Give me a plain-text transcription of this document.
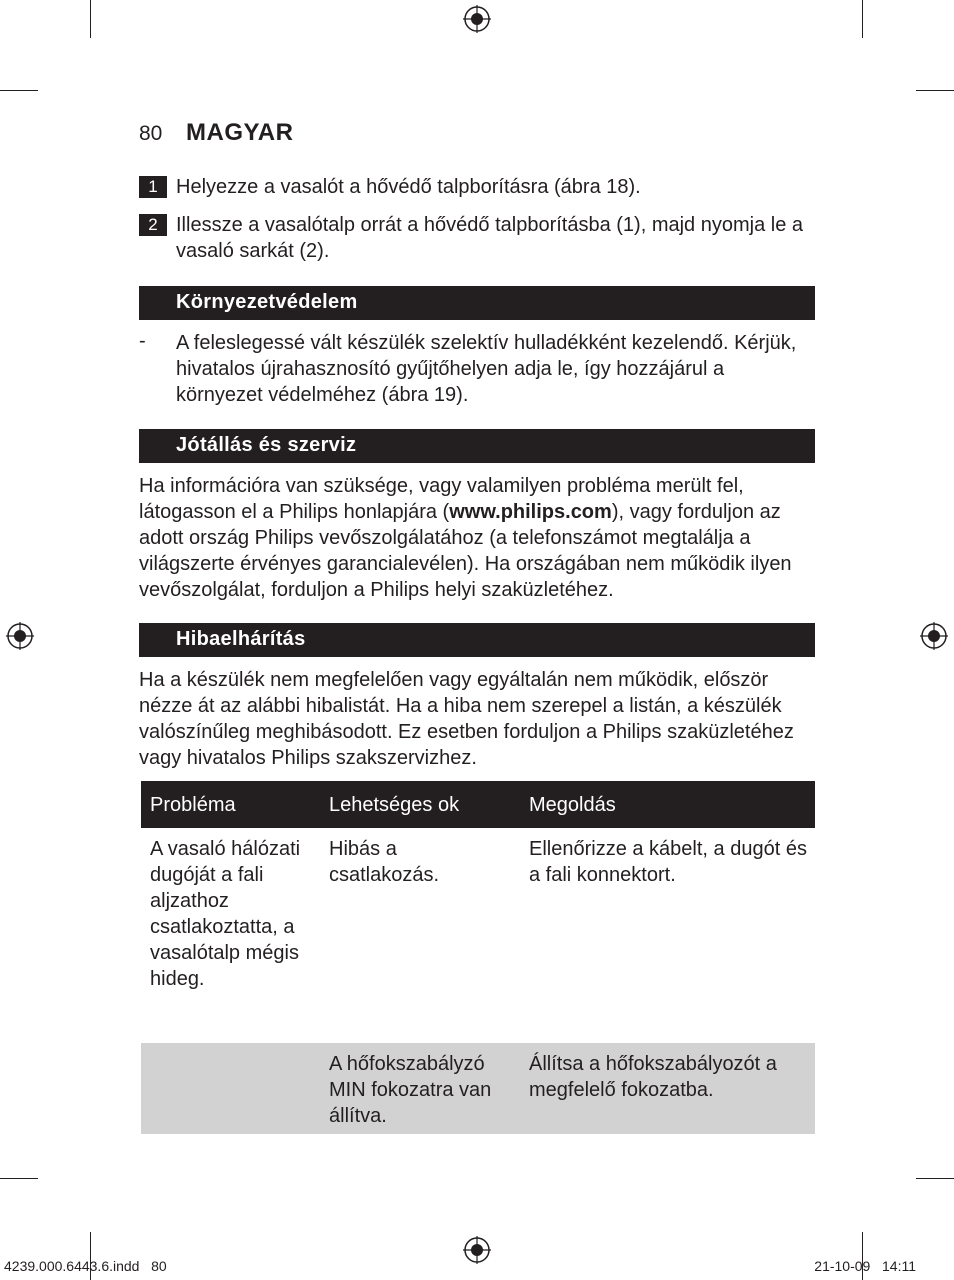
80 MAGYAR
1 Helyezze a vasalót a hővédő talpborításra (ábra 18).
2 Illessze a vasalótalp orrát a hővédő talpborításba (1), majd nyomja le a vasaló sarkát (2).
Környezetvédelem
- A feleslegessé vált készülék szelektív hulladékként kezelendő. Kérjük, hivatalos újrahasznosító gyűjtőhelyen adja le, így hozzájárul a környezet védelméhez (ábra 19).
Jótállás és szerviz
Ha információra van szüksége, vagy valamilyen probléma merült fel, látogasson el a Philips honlapjára (www.philips.com), vagy forduljon az adott ország Philips vevőszolgálatához (a telefonszámot megtalálja a világszerte érvényes garancialevélen). Ha országában nem működik ilyen vevőszolgálat, forduljon a Philips helyi szaküzletéhez.
Hibaelhárítás
Ha a készülék nem megfelelően vagy egyáltalán nem működik, először nézze át az alábbi hibalistát. Ha a hiba nem szerepel a listán, a készülék valószínűleg meghibásodott. Ez esetben forduljon a Philips szaküzletéhez vagy hivatalos Philips szakszervizhez.
Probléma	Lehetséges ok	Megoldás
A vasaló hálózati dugóját a fali aljzathoz csatlakoztatta, a vasalótalp mégis hideg.	Hibás a csatlakozás.	Ellenőrizze a kábelt, a dugót és a fali konnektort.
	A hőfokszabályzó MIN fokozatra van állítva.	Állítsa a hőfokszabályozót a megfelelő fokozatba.
4239.000.6443.6.indd   80	21-10-09   14:11
